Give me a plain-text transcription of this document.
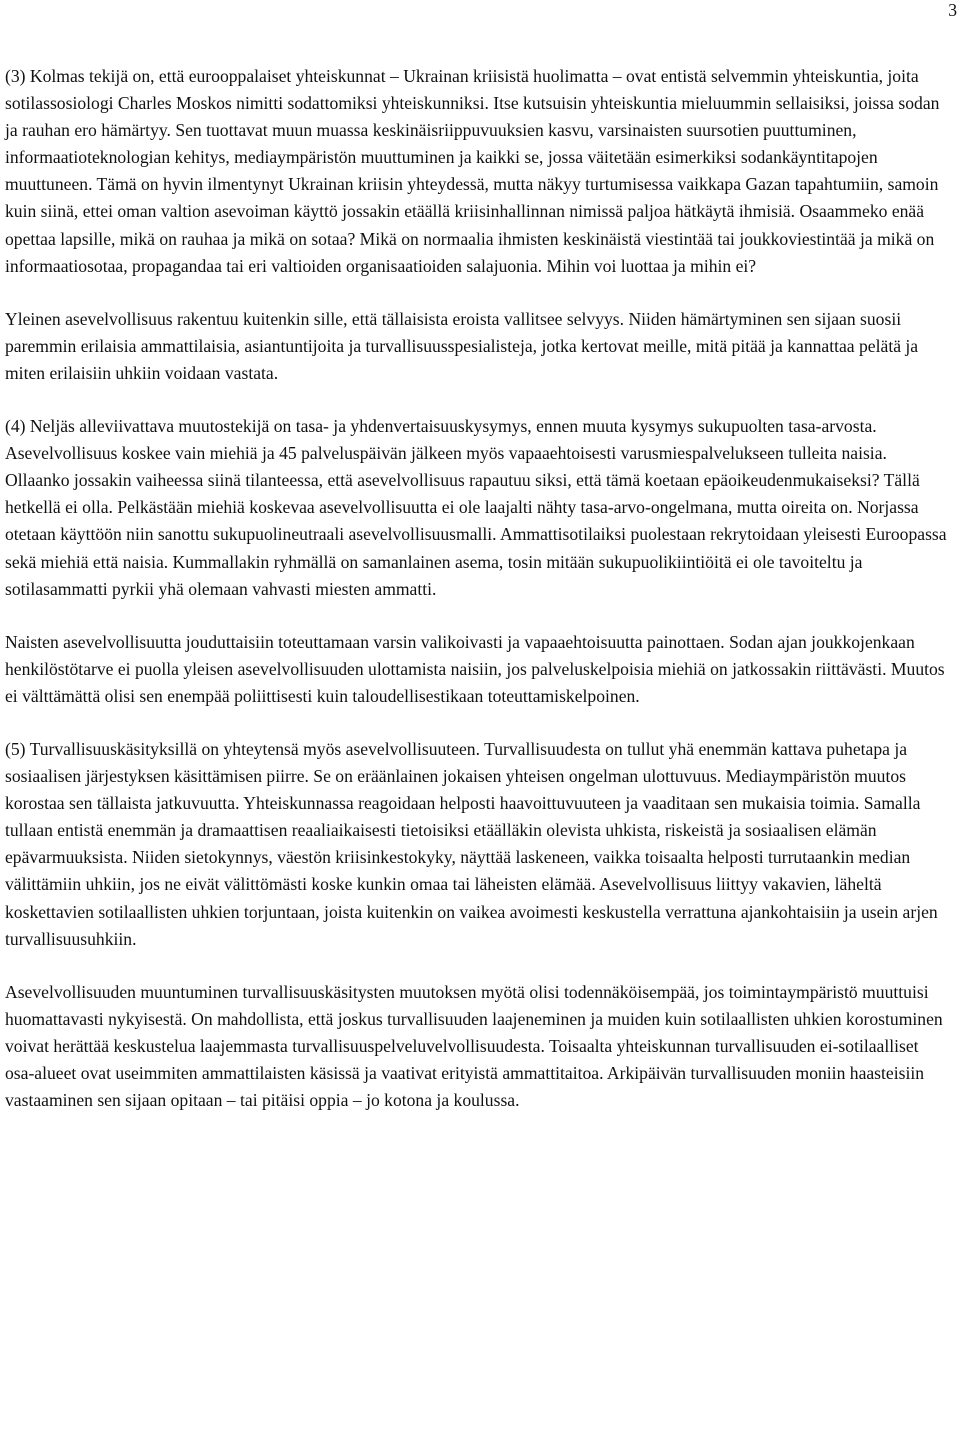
3

(3) Kolmas tekijä on, että eurooppalaiset yhteiskunnat – Ukrainan kriisistä huolimatta – ovat entistä selvemmin yhteiskuntia, joita sotilassosiologi Charles Moskos nimitti sodattomiksi yhteiskunniksi. Itse kutsuisin yhteiskuntia mieluummin sellaisiksi, joissa sodan ja rauhan ero hämärtyy. Sen tuottavat muun muassa keskinäisriippuvuuksien kasvu, varsinaisten suursotien puuttuminen, informaatioteknologian kehitys, mediaympäristön muuttuminen ja kaikki se, jossa väitetään esimerkiksi sodankäyntitapojen muuttuneen. Tämä on hyvin ilmentynyt Ukrainan kriisin yhteydessä, mutta näkyy turtumisessa vaikkapa Gazan tapahtumiin, samoin kuin siinä, ettei oman valtion asevoiman käyttö jossakin etäällä kriisinhallinnan nimissä paljoa hätkäytä ihmisiä. Osaammeko enää opettaa lapsille, mikä on rauhaa ja mikä on sotaa? Mikä on normaalia ihmisten keskinäistä viestintää tai joukkoviestintää ja mikä on informaatiosotaa, propagandaa tai eri valtioiden organisaatioiden salajuonia. Mihin voi luottaa ja mihin ei?

Yleinen asevelvollisuus rakentuu kuitenkin sille, että tällaisista eroista vallitsee selvyys. Niiden hämärtyminen sen sijaan suosii paremmin erilaisia ammattilaisia, asiantuntijoita ja turvallisuusspesialisteja, jotka kertovat meille, mitä pitää ja kannattaa pelätä ja miten erilaisiin uhkiin voidaan vastata.

(4) Neljäs alleviivattava muutostekijä on tasa- ja yhdenvertaisuuskysymys, ennen muuta kysymys sukupuolten tasa-arvosta. Asevelvollisuus koskee vain miehiä ja 45 palveluspäivän jälkeen myös vapaaehtoisesti varusmiespalvelukseen tulleita naisia. Ollaanko jossakin vaiheessa siinä tilanteessa, että asevelvollisuus rapautuu siksi, että tämä koetaan epäoikeudenmukaiseksi? Tällä hetkellä ei olla. Pelkästään miehiä koskevaa asevelvollisuutta ei ole laajalti nähty tasa-arvo-ongelmana, mutta oireita on. Norjassa otetaan käyttöön niin sanottu sukupuolineutraali asevelvollisuusmalli. Ammattisotilaiksi puolestaan rekrytoidaan yleisesti Euroopassa sekä miehiä että naisia. Kummallakin ryhmällä on samanlainen asema, tosin mitään sukupuolikiintiöitä ei ole tavoiteltu ja sotilasammatti pyrkii yhä olemaan vahvasti miesten ammatti.

Naisten asevelvollisuutta jouduttaisiin toteuttamaan varsin valikoivasti ja vapaaehtoisuutta painottaen. Sodan ajan joukkojenkaan henkilöstötarve ei puolla yleisen asevelvollisuuden ulottamista naisiin, jos palveluskelpoisia miehiä on jatkossakin riittävästi. Muutos ei välttämättä olisi sen enempää poliittisesti kuin taloudellisestikaan toteuttamiskelpoinen.

(5) Turvallisuuskäsityksillä on yhteytensä myös asevelvollisuuteen. Turvallisuudesta on tullut yhä enemmän kattava puhetapa ja sosiaalisen järjestyksen käsittämisen piirre. Se on eräänlainen jokaisen yhteisen ongelman ulottuvuus. Mediaympäristön muutos korostaa sen tällaista jatkuvuutta. Yhteiskunnassa reagoidaan helposti haavoittuvuuteen ja vaaditaan sen mukaisia toimia. Samalla tullaan entistä enemmän ja dramaattisen reaaliaikaisesti tietoisiksi etäälläkin olevista uhkista, riskeistä ja sosiaalisen elämän epävarmuuksista. Niiden sietokynnys, väestön kriisinkestokyky, näyttää laskeneen, vaikka toisaalta helposti turrutaankin median välittämiin uhkiin, jos ne eivät välittömästi koske kunkin omaa tai läheisten elämää. Asevelvollisuus liittyy vakavien, läheltä koskettavien sotilaallisten uhkien torjuntaan, joista kuitenkin on vaikea avoimesti keskustella verrattuna ajankohtaisiin ja usein arjen turvallisuusuhkiin.

Asevelvollisuuden muuntuminen turvallisuuskäsitysten muutoksen myötä olisi todennäköisempää, jos toimintaympäristö muuttuisi huomattavasti nykyisestä. On mahdollista, että joskus turvallisuuden laajeneminen ja muiden kuin sotilaallisten uhkien korostuminen voivat herättää keskustelua laajemmasta turvallisuuspelveluvelvollisuudesta. Toisaalta yhteiskunnan turvallisuuden ei-sotilaalliset osa-alueet ovat useimmiten ammattilaisten käsissä ja vaativat erityistä ammattitaitoa. Arkipäivän turvallisuuden moniin haasteisiin vastaaminen sen sijaan opitaan – tai pitäisi oppia – jo kotona ja koulussa.
